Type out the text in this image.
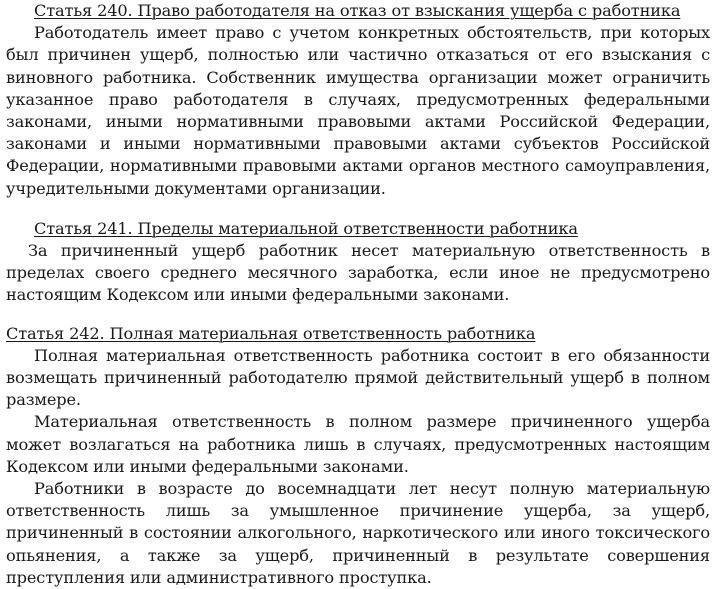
Статья 240. Право работодателя на отказ от взыскания ущерба с работника

Работодатель имеет право с учетом конкретных обстоятельств, при которых был причинен ущерб, полностью или частично отказаться от его взыскания с виновного работника. Собственник имущества организации может ограничить указанное право работодателя в случаях, предусмотренных федеральными законами, иными нормативными правовыми актами Российской Федерации, законами и иными нормативными правовыми актами субъектов Российской Федерации, нормативными правовыми актами органов местного самоуправления, учредительными документами организации.

Статья 241. Пределы материальной ответственности работника

За причиненный ущерб работник несет материальную ответственность в пределах своего среднего месячного заработка, если иное не предусмотрено настоящим Кодексом или иными федеральными законами.

Статья 242. Полная материальная ответственность работника

Полная материальная ответственность работника состоит в его обязанности возмещать причиненный работодателю прямой действительный ущерб в полном размере.

Материальная ответственность в полном размере причиненного ущерба может возлагаться на работника лишь в случаях, предусмотренных настоящим Кодексом или иными федеральными законами.

Работники в возрасте до восемнадцати лет несут полную материальную ответственность лишь за умышленное причинение ущерба, за ущерб, причиненный в состоянии алкогольного, наркотического или иного токсического опьянения, а также за ущерб, причиненный в результате совершения преступления или административного проступка.
